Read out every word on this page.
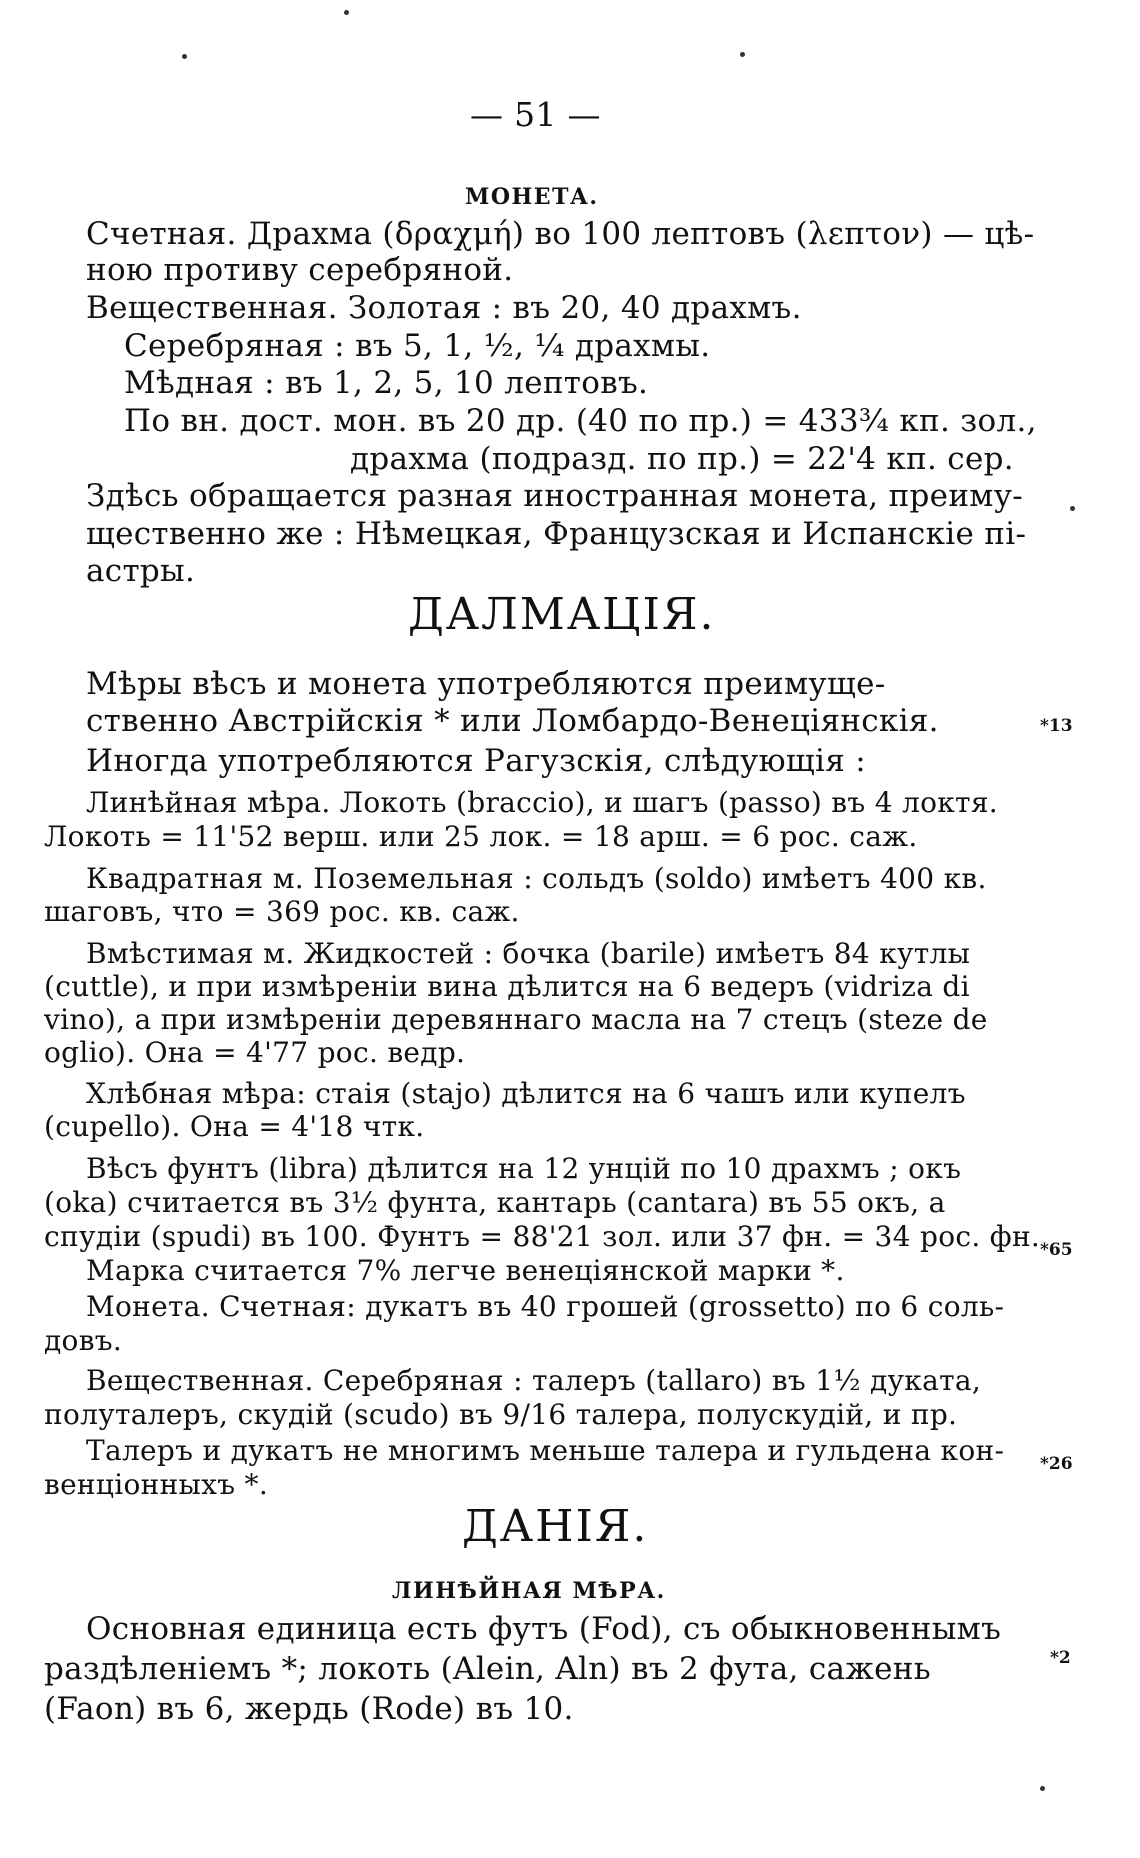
— 51 —
МОНЕТА.
Счетная. Драхма (δραχμή) во 100 лептовъ (λεπτον) — цѣ-
ною противу серебряной.
Вещественная. Золотая : въ 20, 40 драхмъ.
Серебряная : въ 5, 1, ½, ¼ драхмы.
Мѣдная : въ 1, 2, 5, 10 лептовъ.
По вн. дост. мон. въ 20 др. (40 по пр.) = 433¾ кп. зол.,
драхма (подразд. по пр.) = 22'4 кп. сер.
Здѣсь обращается разная иностранная монета, преиму-
щественно же : Нѣмецкая, Французская и Испанскіе пі-
астры.
ДАЛМАЦІЯ.
Мѣры вѣсъ и монета употребляются преимуще-
ственно Австрійскія * или Ломбардо-Венеціянскія.
Иногда употребляются Рагузскія, слѣдующія :
Линѣйная мѣра. Локоть (braccio), и шагъ (passo) въ 4 локтя.
Локоть = 11'52 верш. или 25 лок. = 18 арш. = 6 рос. саж.
Квадратная м. Поземельная : сольдъ (soldo) имѣетъ 400 кв.
шаговъ, что = 369 рос. кв. саж.
Вмѣстимая м. Жидкостей : бочка (barile) имѣетъ 84 кутлы
(cuttle), и при измѣреніи вина дѣлится на 6 ведеръ (vidriza di
vino), а при измѣреніи деревяннаго масла на 7 стецъ (steze de
oglio). Она = 4'77 рос. ведр.
Хлѣбная мѣра: стаія (stajo) дѣлится на 6 чашъ или купелъ
(cupello). Она = 4'18 чтк.
Вѣсъ фунтъ (libra) дѣлится на 12 унцій по 10 драхмъ ; окъ
(oka) считается въ 3½ фунта, кантарь (cantara) въ 55 окъ, а
спудіи (spudi) въ 100. Фунтъ = 88'21 зол. или 37 фн. = 34 рос. фн.
Марка считается 7% легче венеціянской марки *.
Монета. Счетная: дукатъ въ 40 грошей (grossetto) по 6 соль-
довъ.
Вещественная. Серебряная : талеръ (tallaro) въ 1½ дуката,
полуталеръ, скудій (scudo) въ 9/16 талера, полускудій, и пр.
Талеръ и дукатъ не многимъ меньше талера и гульдена кон-
венціонныхъ *.
ДАНІЯ.
ЛИНѢЙНАЯ МѢРА.
Основная единица есть футъ (Fod), съ обыкновеннымъ
раздѣленіемъ *; локоть (Alein, Aln) въ 2 фута, сажень
(Faon) въ 6, жердь (Rode) въ 10.
*13
*65
*26
*2
